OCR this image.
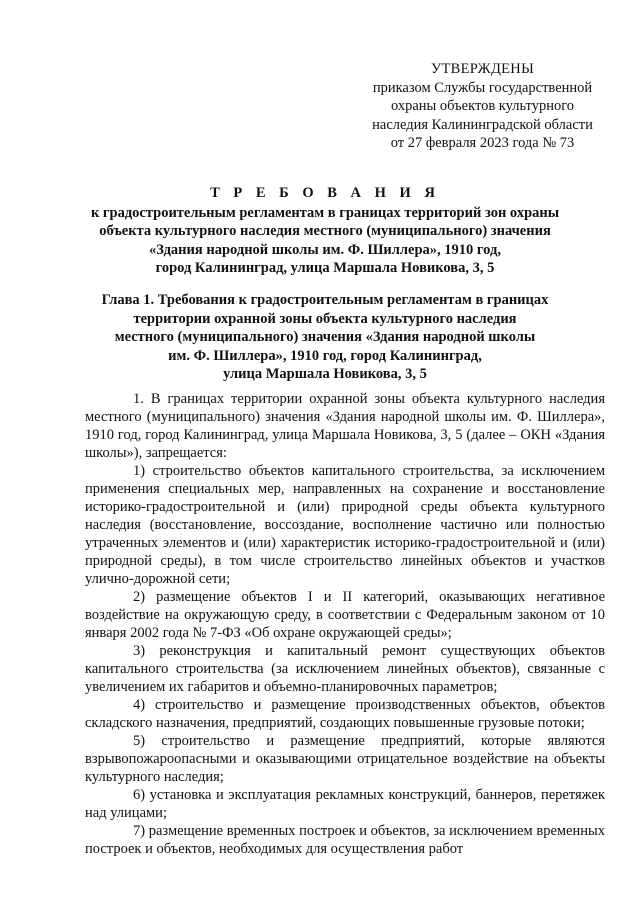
УТВЕРЖДЕНЫ
приказом Службы государственной
охраны объектов культурного
наследия Калининградской области
от 27 февраля 2023 года № 73
Т Р Е Б О В А Н И Я
к градостроительным регламентам в границах территорий зон охраны
объекта культурного наследия местного (муниципального) значения
«Здания народной школы им. Ф. Шиллера», 1910 год,
город Калининград, улица Маршала Новикова, 3, 5
Глава 1. Требования к градостроительным регламентам в границах
территории охранной зоны объекта культурного наследия
местного (муниципального) значения «Здания народной школы
им. Ф. Шиллера», 1910 год, город Калининград,
улица Маршала Новикова, 3, 5

1. В границах территории охранной зоны объекта культурного наследия местного (муниципального) значения «Здания народной школы им. Ф. Шиллера», 1910 год, город Калининград, улица Маршала Новикова, 3, 5 (далее – ОКН «Здания школы»), запрещается:

1) строительство объектов капитального строительства, за исключением применения специальных мер, направленных на сохранение и восстановление историко-градостроительной и (или) природной среды объекта культурного наследия (восстановление, воссоздание, восполнение частично или полностью утраченных элементов и (или) характеристик историко-градостроительной и (или) природной среды), в том числе строительство линейных объектов и участков улично-дорожной сети;

2) размещение объектов I и II категорий, оказывающих негативное воздействие на окружающую среду, в соответствии с Федеральным законом от 10 января 2002 года № 7-ФЗ «Об охране окружающей среды»;

3) реконструкция и капитальный ремонт существующих объектов капитального строительства (за исключением линейных объектов), связанные с увеличением их габаритов и объемно-планировочных параметров;

4) строительство и размещение производственных объектов, объектов складского назначения, предприятий, создающих повышенные грузовые потоки;

5) строительство и размещение предприятий, которые являются взрывопожароопасными и оказывающими отрицательное воздействие на объекты культурного наследия;

6) установка и эксплуатация рекламных конструкций, баннеров, перетяжек над улицами;

7) размещение временных построек и объектов, за исключением временных построек и объектов, необходимых для осуществления работ
